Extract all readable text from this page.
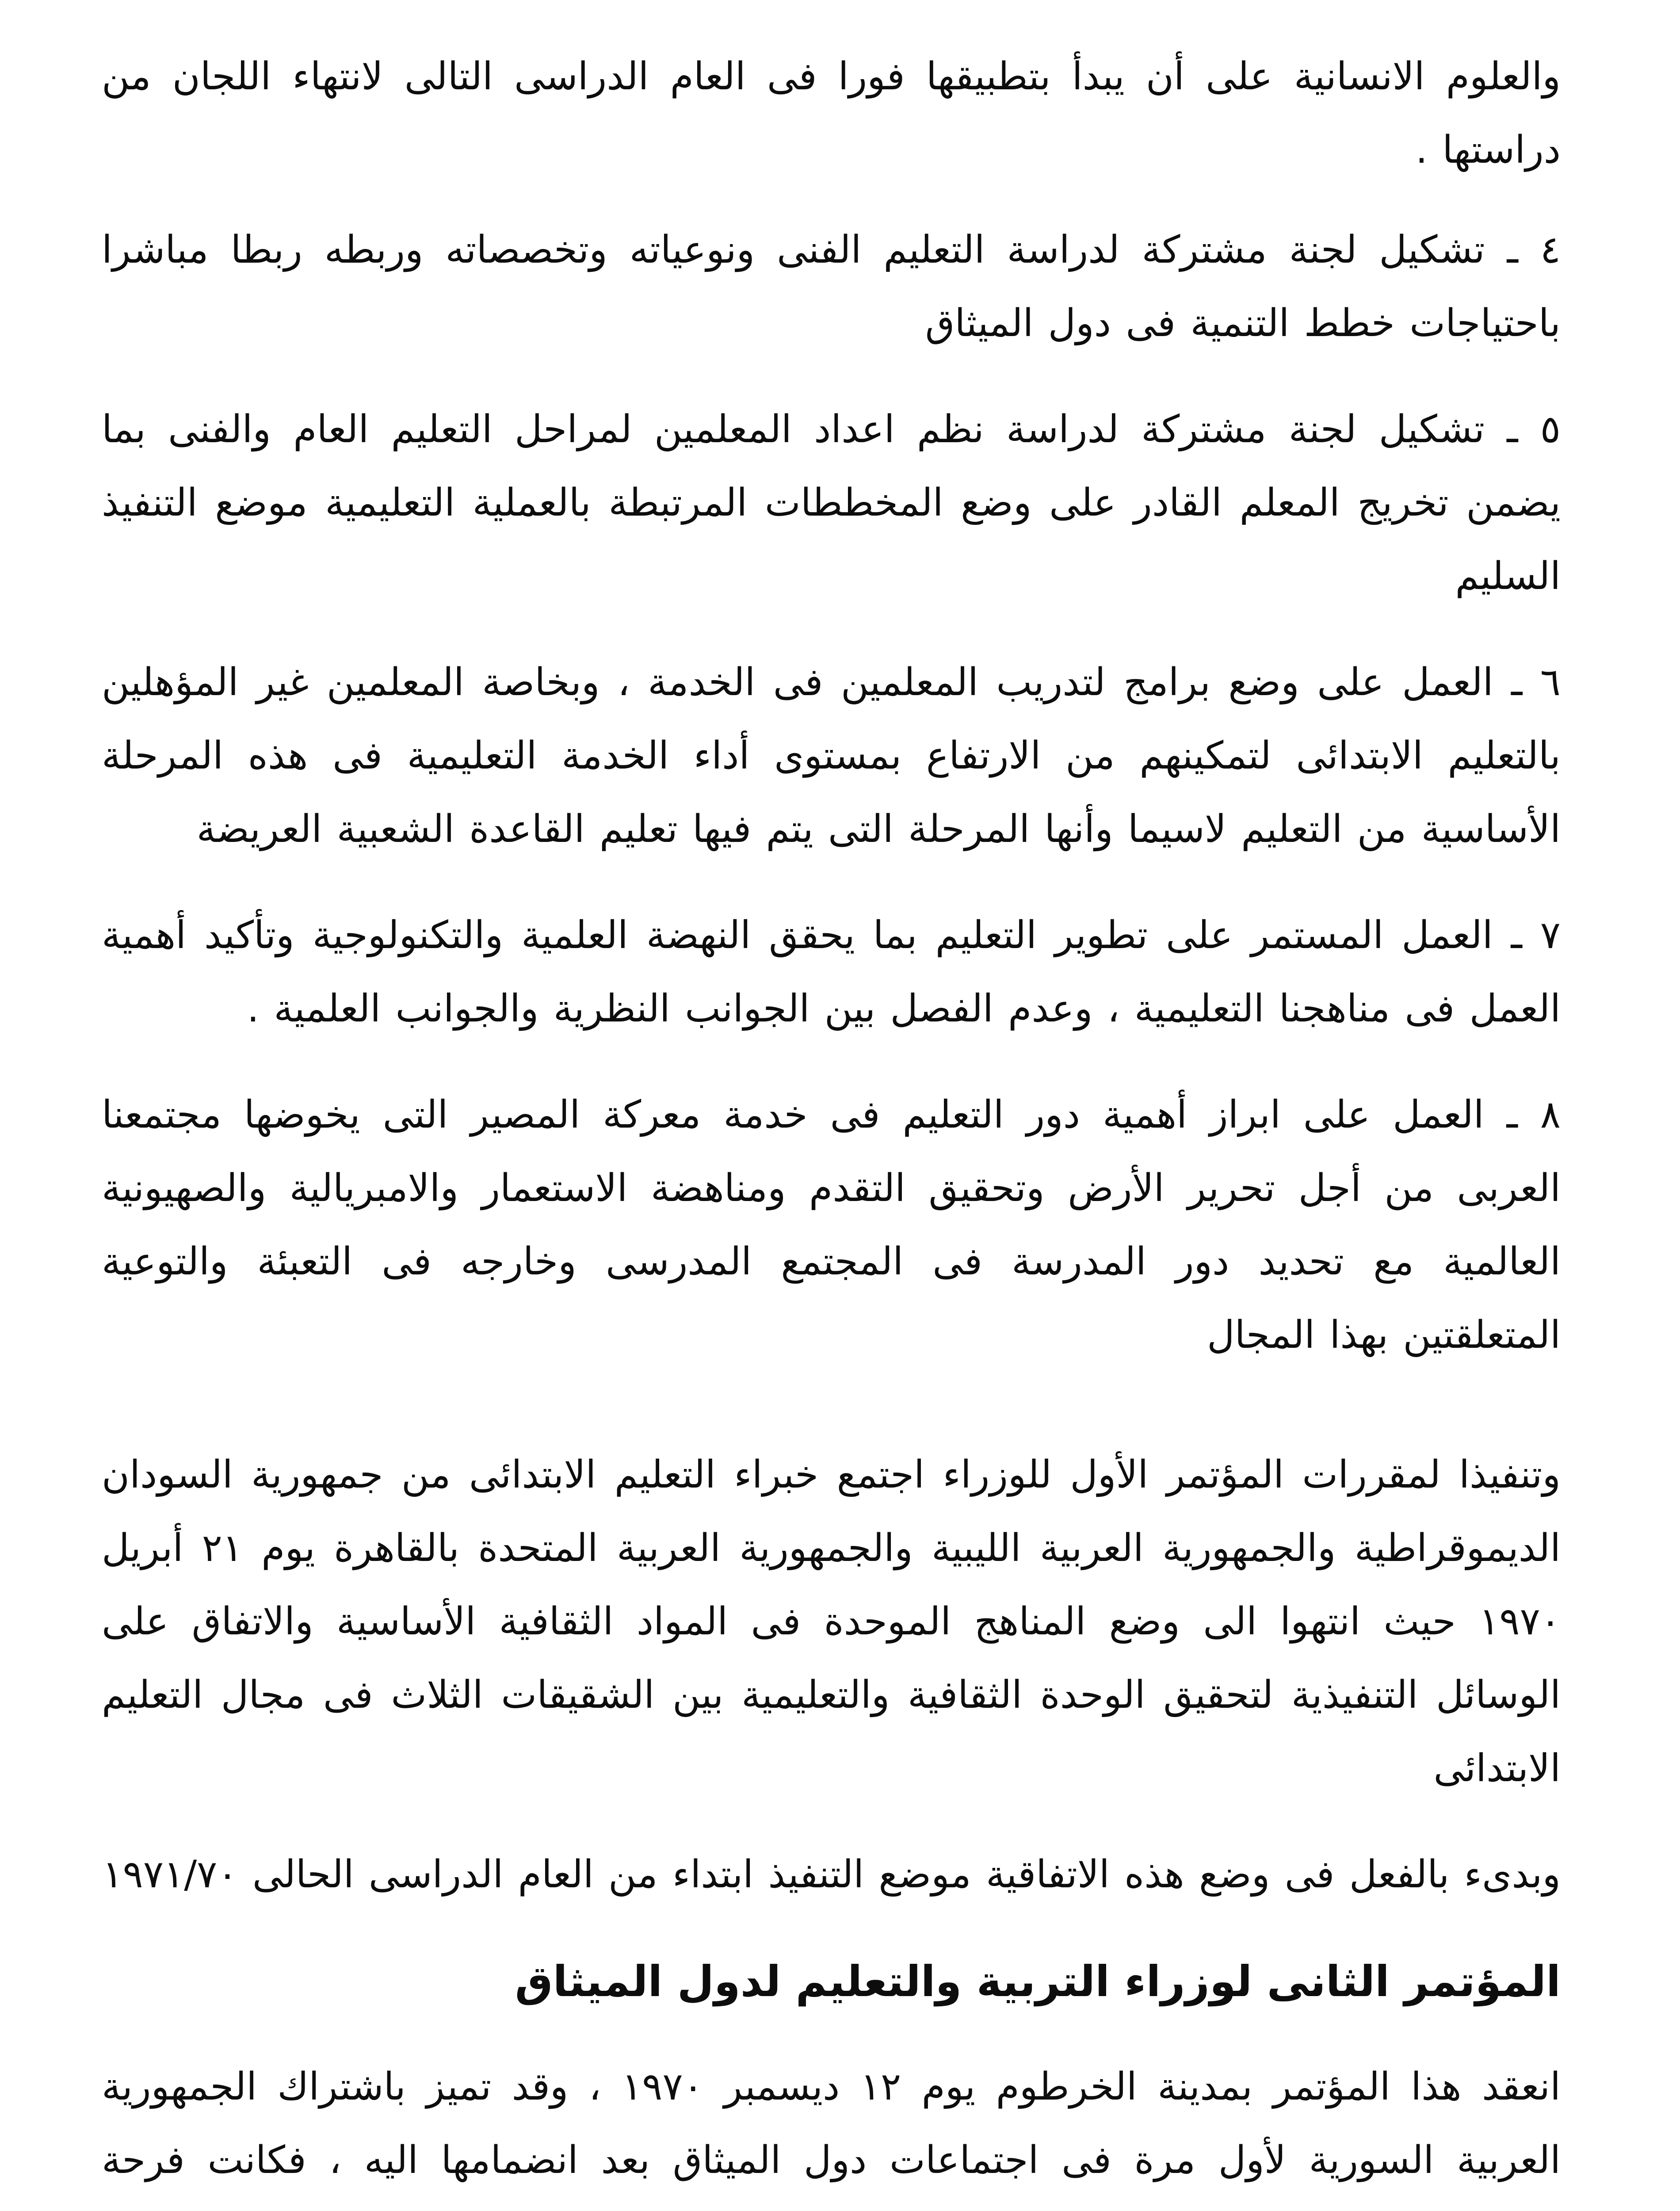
والعلوم الانسانية على أن يبدأ بتطبيقها فورا فى العام الدراسى التالى لانتهاء اللجان من دراستها .

٤ ـ تشكيل لجنة مشتركة لدراسة التعليم الفنى ونوعياته وتخصصاته وربطه ربطا مباشرا باحتياجات خطط التنمية فى دول الميثاق

٥ ـ تشكيل لجنة مشتركة لدراسة نظم اعداد المعلمين لمراحل التعليم العام والفنى بما يضمن تخريج المعلم القادر على وضع المخططات المرتبطة بالعملية التعليمية موضع التنفيذ السليم

٦ ـ العمل على وضع برامج لتدريب المعلمين فى الخدمة ، وبخاصة المعلمين غير المؤهلين بالتعليم الابتدائى لتمكينهم من الارتفاع بمستوى أداء الخدمة التعليمية فى هذه المرحلة الأساسية من التعليم لاسيما وأنها المرحلة التى يتم فيها تعليم القاعدة الشعبية العريضة

٧ ـ العمل المستمر على تطوير التعليم بما يحقق النهضة العلمية والتكنولوجية وتأكيد أهمية العمل فى مناهجنا التعليمية ، وعدم الفصل بين الجوانب النظرية والجوانب العلمية .

٨ ـ العمل على ابراز أهمية دور التعليم فى خدمة معركة المصير التى يخوضها مجتمعنا العربى من أجل تحرير الأرض وتحقيق التقدم ومناهضة الاستعمار والامبريالية والصهيونية العالمية مع تحديد دور المدرسة فى المجتمع المدرسى وخارجه فى التعبئة والتوعية المتعلقتين بهذا المجال

وتنفيذا لمقررات المؤتمر الأول للوزراء اجتمع خبراء التعليم الابتدائى من جمهورية السودان الديموقراطية والجمهورية العربية الليبية والجمهورية العربية المتحدة بالقاهرة يوم ٢١ أبريل ١٩٧٠ حيث انتهوا الى وضع المناهج الموحدة فى المواد الثقافية الأساسية والاتفاق على الوسائل التنفيذية لتحقيق الوحدة الثقافية والتعليمية بين الشقيقات الثلاث فى مجال التعليم الابتدائى

وبدىء بالفعل فى وضع هذه الاتفاقية موضع التنفيذ ابتداء من العام الدراسى الحالى ١٩٧١/٧٠

المؤتمر الثانى لوزراء التربية والتعليم لدول الميثاق

انعقد هذا المؤتمر بمدينة الخرطوم يوم ١٢ ديسمبر ١٩٧٠ ، وقد تميز باشتراك الجمهورية العربية السورية لأول مرة فى اجتماعات دول الميثاق بعد انضمامها اليه ، فكانت فرحة
